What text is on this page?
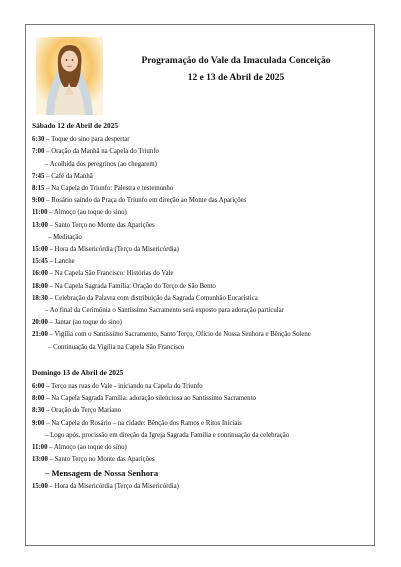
Programação do Vale da Imaculada Conceição
12 e 13 de Abril de 2025
Sábado 12 de Abril de 2025
6:30 – Toque do sino para despertar
7:00 – Oração da Manhã na Capela do Triunfo
– Acolhida dos peregrinos (ao chegarem)
7:45 – Café da Manhã
8:15 – Na Capela do Triunfo: Palestra e testemunho
9:00 – Rosário saindo da Praça do Triunfo em direção ao Monte das Aparições
11:00 – Almoço (ao toque do sino)
13:00 – Santo Terço no Monte das Aparições
– Meditação
15:00 – Hora da Misericórdia (Terço da Misericórdia)
15:45 – Lanche
16:00 – Na Capela São Francisco: Histórias do Vale
18:00 – Na Capela Sagrada Família: Oração do Terço de São Bento
18:30 – Celebração da Palavra com distribuição da Sagrada Comunhão Eucarística
– Ao final da Cerimônia o Santíssimo Sacramento será exposto para adoração particular
20:00 – Jantar (ao toque do sino)
21:00 – Vigília com o Santíssimo Sacramento, Santo Terço, Ofício de Nossa Senhora e Bênção Solene
– Continuação da Vigília na Capela São Francisco
Domingo 13 de Abril de 2025
6:00 – Terço nas ruas do Vale - iniciando na Capela do Triunfo
8:00 – Na Capela Sagrada Família: adoração silenciosa ao Santíssimo Sacramento
8:30 – Oração do Terço Mariano
9:00 – Na Capela do Rosário – na cidade: Bênção dos Ramos e Ritos Iniciais
– Logo após, procissão em direção da Igreja Sagrada Família e continuação da celebração
11:00 – Almoço (ao toque do sino)
13:00 – Santo Terço no Monte das Aparições
– Mensagem de Nossa Senhora
15:00 – Hora da Misericórdia (Terço da Misericórdia)
